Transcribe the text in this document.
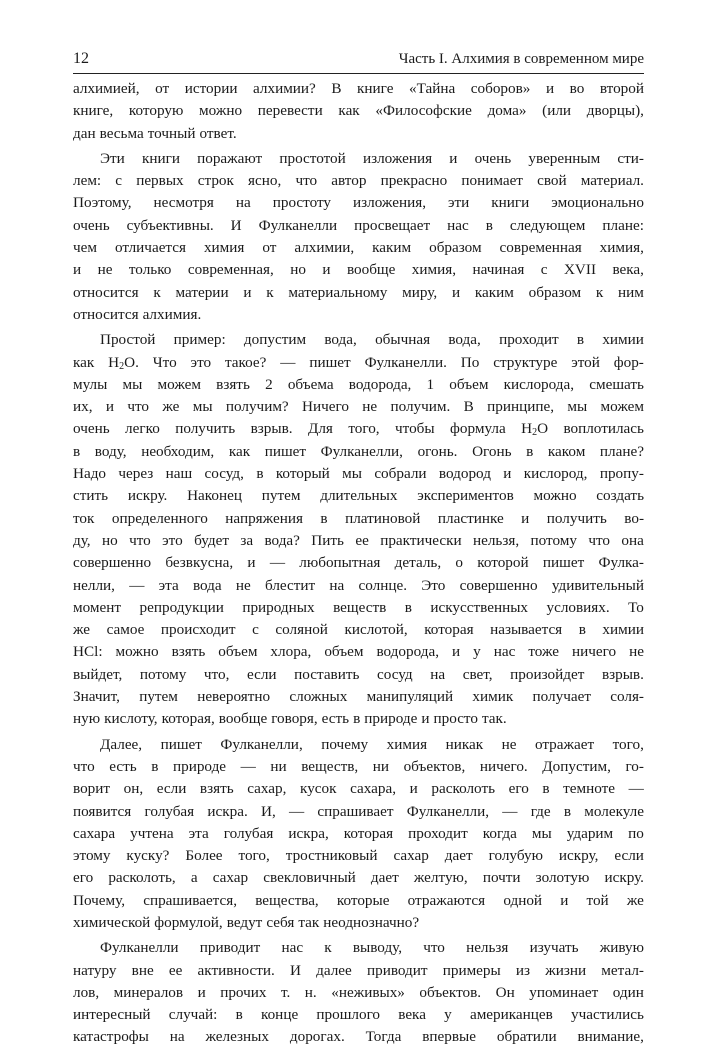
12	Часть I. Алхимия в современном мире
алхимией, от истории алхимии? В книге «Тайна соборов» и во второй
книге, которую можно перевести как «Философские дома» (или дворцы),
дан весьма точный ответ.
Эти книги поражают простотой изложения и очень уверенным сти-
лем: с первых строк ясно, что автор прекрасно понимает свой материал.
Поэтому, несмотря на простоту изложения, эти книги эмоционально
очень субъективны. И Фулканелли просвещает нас в следующем плане:
чем отличается химия от алхимии, каким образом современная химия,
и не только современная, но и вообще химия, начиная с XVII века,
относится к материи и к материальному миру, и каким образом к ним
относится алхимия.
Простой пример: допустим вода, обычная вода, проходит в химии
как $H_2O$. Что это такое? — пишет Фулканелли. По структуре этой фор-
мулы мы можем взять 2 объема водорода, 1 объем кислорода, смешать
их, и что же мы получим? Ничего не получим. В принципе, мы можем
очень легко получить взрыв. Для того, чтобы формула $H_2O$ воплотилась
в воду, необходим, как пишет Фулканелли, огонь. Огонь в каком плане?
Надо через наш сосуд, в который мы собрали водород и кислород, пропу-
стить искру. Наконец путем длительных экспериментов можно создать
ток определенного напряжения в платиновой пластинке и получить во-
ду, но что это будет за вода? Пить ее практически нельзя, потому что она
совершенно безвкусна, и — любопытная деталь, о которой пишет Фулка-
нелли, — эта вода не блестит на солнце. Это совершенно удивительный
момент репродукции природных веществ в искусственных условиях. То
же самое происходит с соляной кислотой, которая называется в химии
HCl: можно взять объем хлора, объем водорода, и у нас тоже ничего не
выйдет, потому что, если поставить сосуд на свет, произойдет взрыв.
Значит, путем невероятно сложных манипуляций химик получает соля-
ную кислоту, которая, вообще говоря, есть в природе и просто так.
Далее, пишет Фулканелли, почему химия никак не отражает того,
что есть в природе — ни веществ, ни объектов, ничего. Допустим, го-
ворит он, если взять сахар, кусок сахара, и расколоть его в темноте —
появится голубая искра. И, — спрашивает Фулканелли, — где в молекуле
сахара учтена эта голубая искра, которая проходит когда мы ударим по
этому куску? Более того, тростниковый сахар дает голубую искру, если
его расколоть, а сахар свекловичный дает желтую, почти золотую искру.
Почему, спрашивается, вещества, которые отражаются одной и той же
химической формулой, ведут себя так неоднозначно?
Фулканелли приводит нас к выводу, что нельзя изучать живую
натуру вне ее активности. И далее приводит примеры из жизни метал-
лов, минералов и прочих т. н. «неживых» объектов. Он упоминает один
интересный случай: в конце прошлого века у американцев участились
катастрофы на железных дорогах. Тогда впервые обратили внимание,
